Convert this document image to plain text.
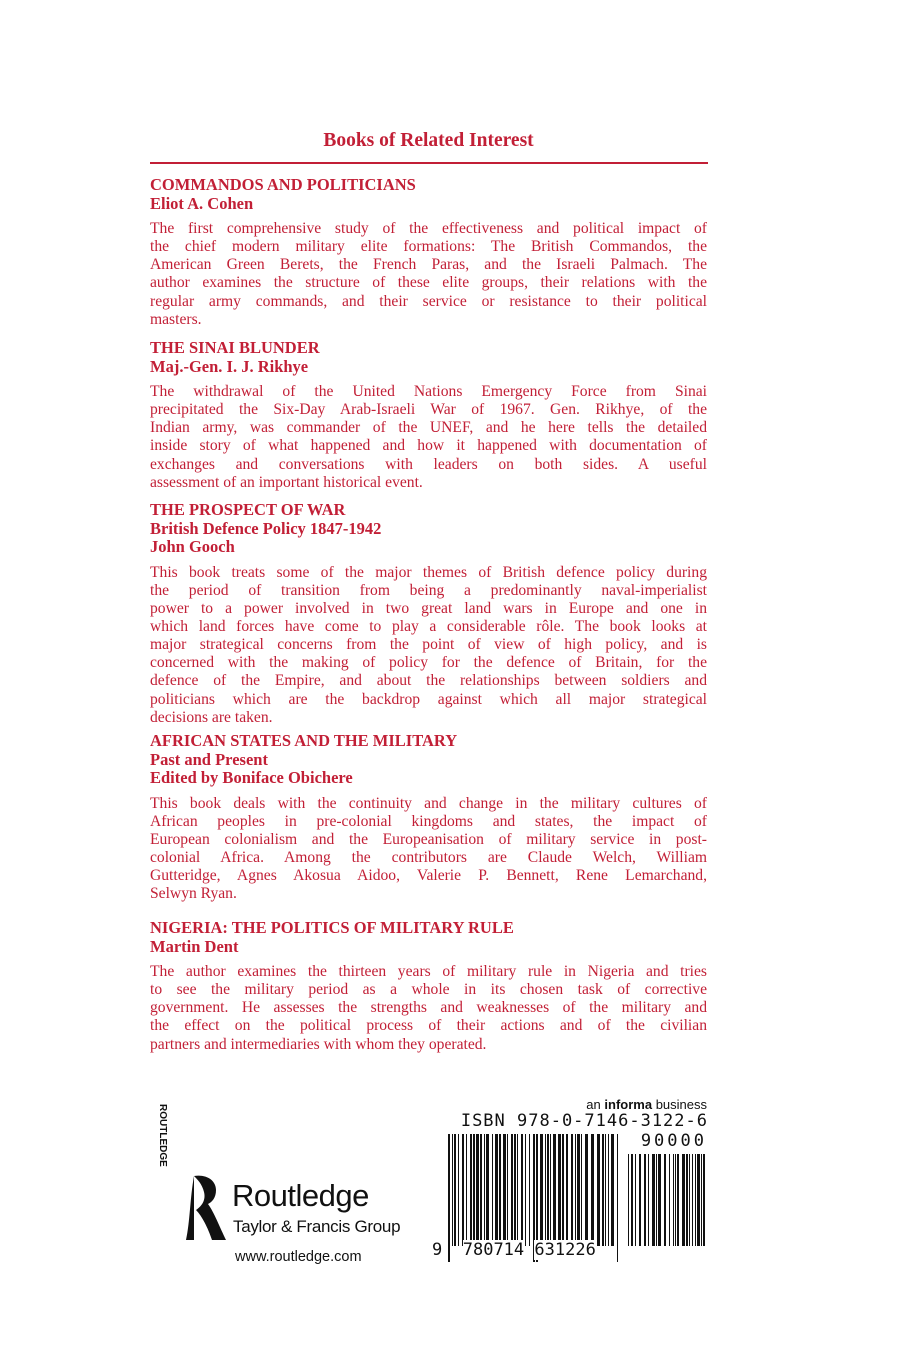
Books of Related Interest
COMMANDOS AND POLITICIANS
Eliot A. Cohen
The first comprehensive study of the effectiveness and political impact of
the chief modern military elite formations: The British Commandos, the
American Green Berets, the French Paras, and the Israeli Palmach. The
author examines the structure of these elite groups, their relations with the
regular army commands, and their service or resistance to their political
masters.
THE SINAI BLUNDER
Maj.-Gen. I. J. Rikhye
The withdrawal of the United Nations Emergency Force from Sinai
precipitated the Six-Day Arab-Israeli War of 1967. Gen. Rikhye, of the
Indian army, was commander of the UNEF, and he here tells the detailed
inside story of what happened and how it happened with documentation of
exchanges and conversations with leaders on both sides. A useful
assessment of an important historical event.
THE PROSPECT OF WAR
British Defence Policy 1847-1942
John Gooch
This book treats some of the major themes of British defence policy during
the period of transition from being a predominantly naval-imperialist
power to a power involved in two great land wars in Europe and one in
which land forces have come to play a considerable rôle. The book looks at
major strategical concerns from the point of view of high policy, and is
concerned with the making of policy for the defence of Britain, for the
defence of the Empire, and about the relationships between soldiers and
politicians which are the backdrop against which all major strategical
decisions are taken.
AFRICAN STATES AND THE MILITARY
Past and Present
Edited by Boniface Obichere
This book deals with the continuity and change in the military cultures of
African peoples in pre-colonial kingdoms and states, the impact of
European colonialism and the Europeanisation of military service in post-
colonial Africa. Among the contributors are Claude Welch, William
Gutteridge, Agnes Akosua Aidoo, Valerie P. Bennett, Rene Lemarchand,
Selwyn Ryan.
NIGERIA: THE POLITICS OF MILITARY RULE
Martin Dent
The author examines the thirteen years of military rule in Nigeria and tries
to see the military period as a whole in its chosen task of corrective
government. He assesses the strengths and weaknesses of the military and
the effect on the political process of their actions and of the civilian
partners and intermediaries with whom they operated.
an informa business
ISBN 978-0-7146-3122-6
90000
9 780714 631226
ROUTLEDGE
Routledge
Taylor & Francis Group
www.routledge.com
